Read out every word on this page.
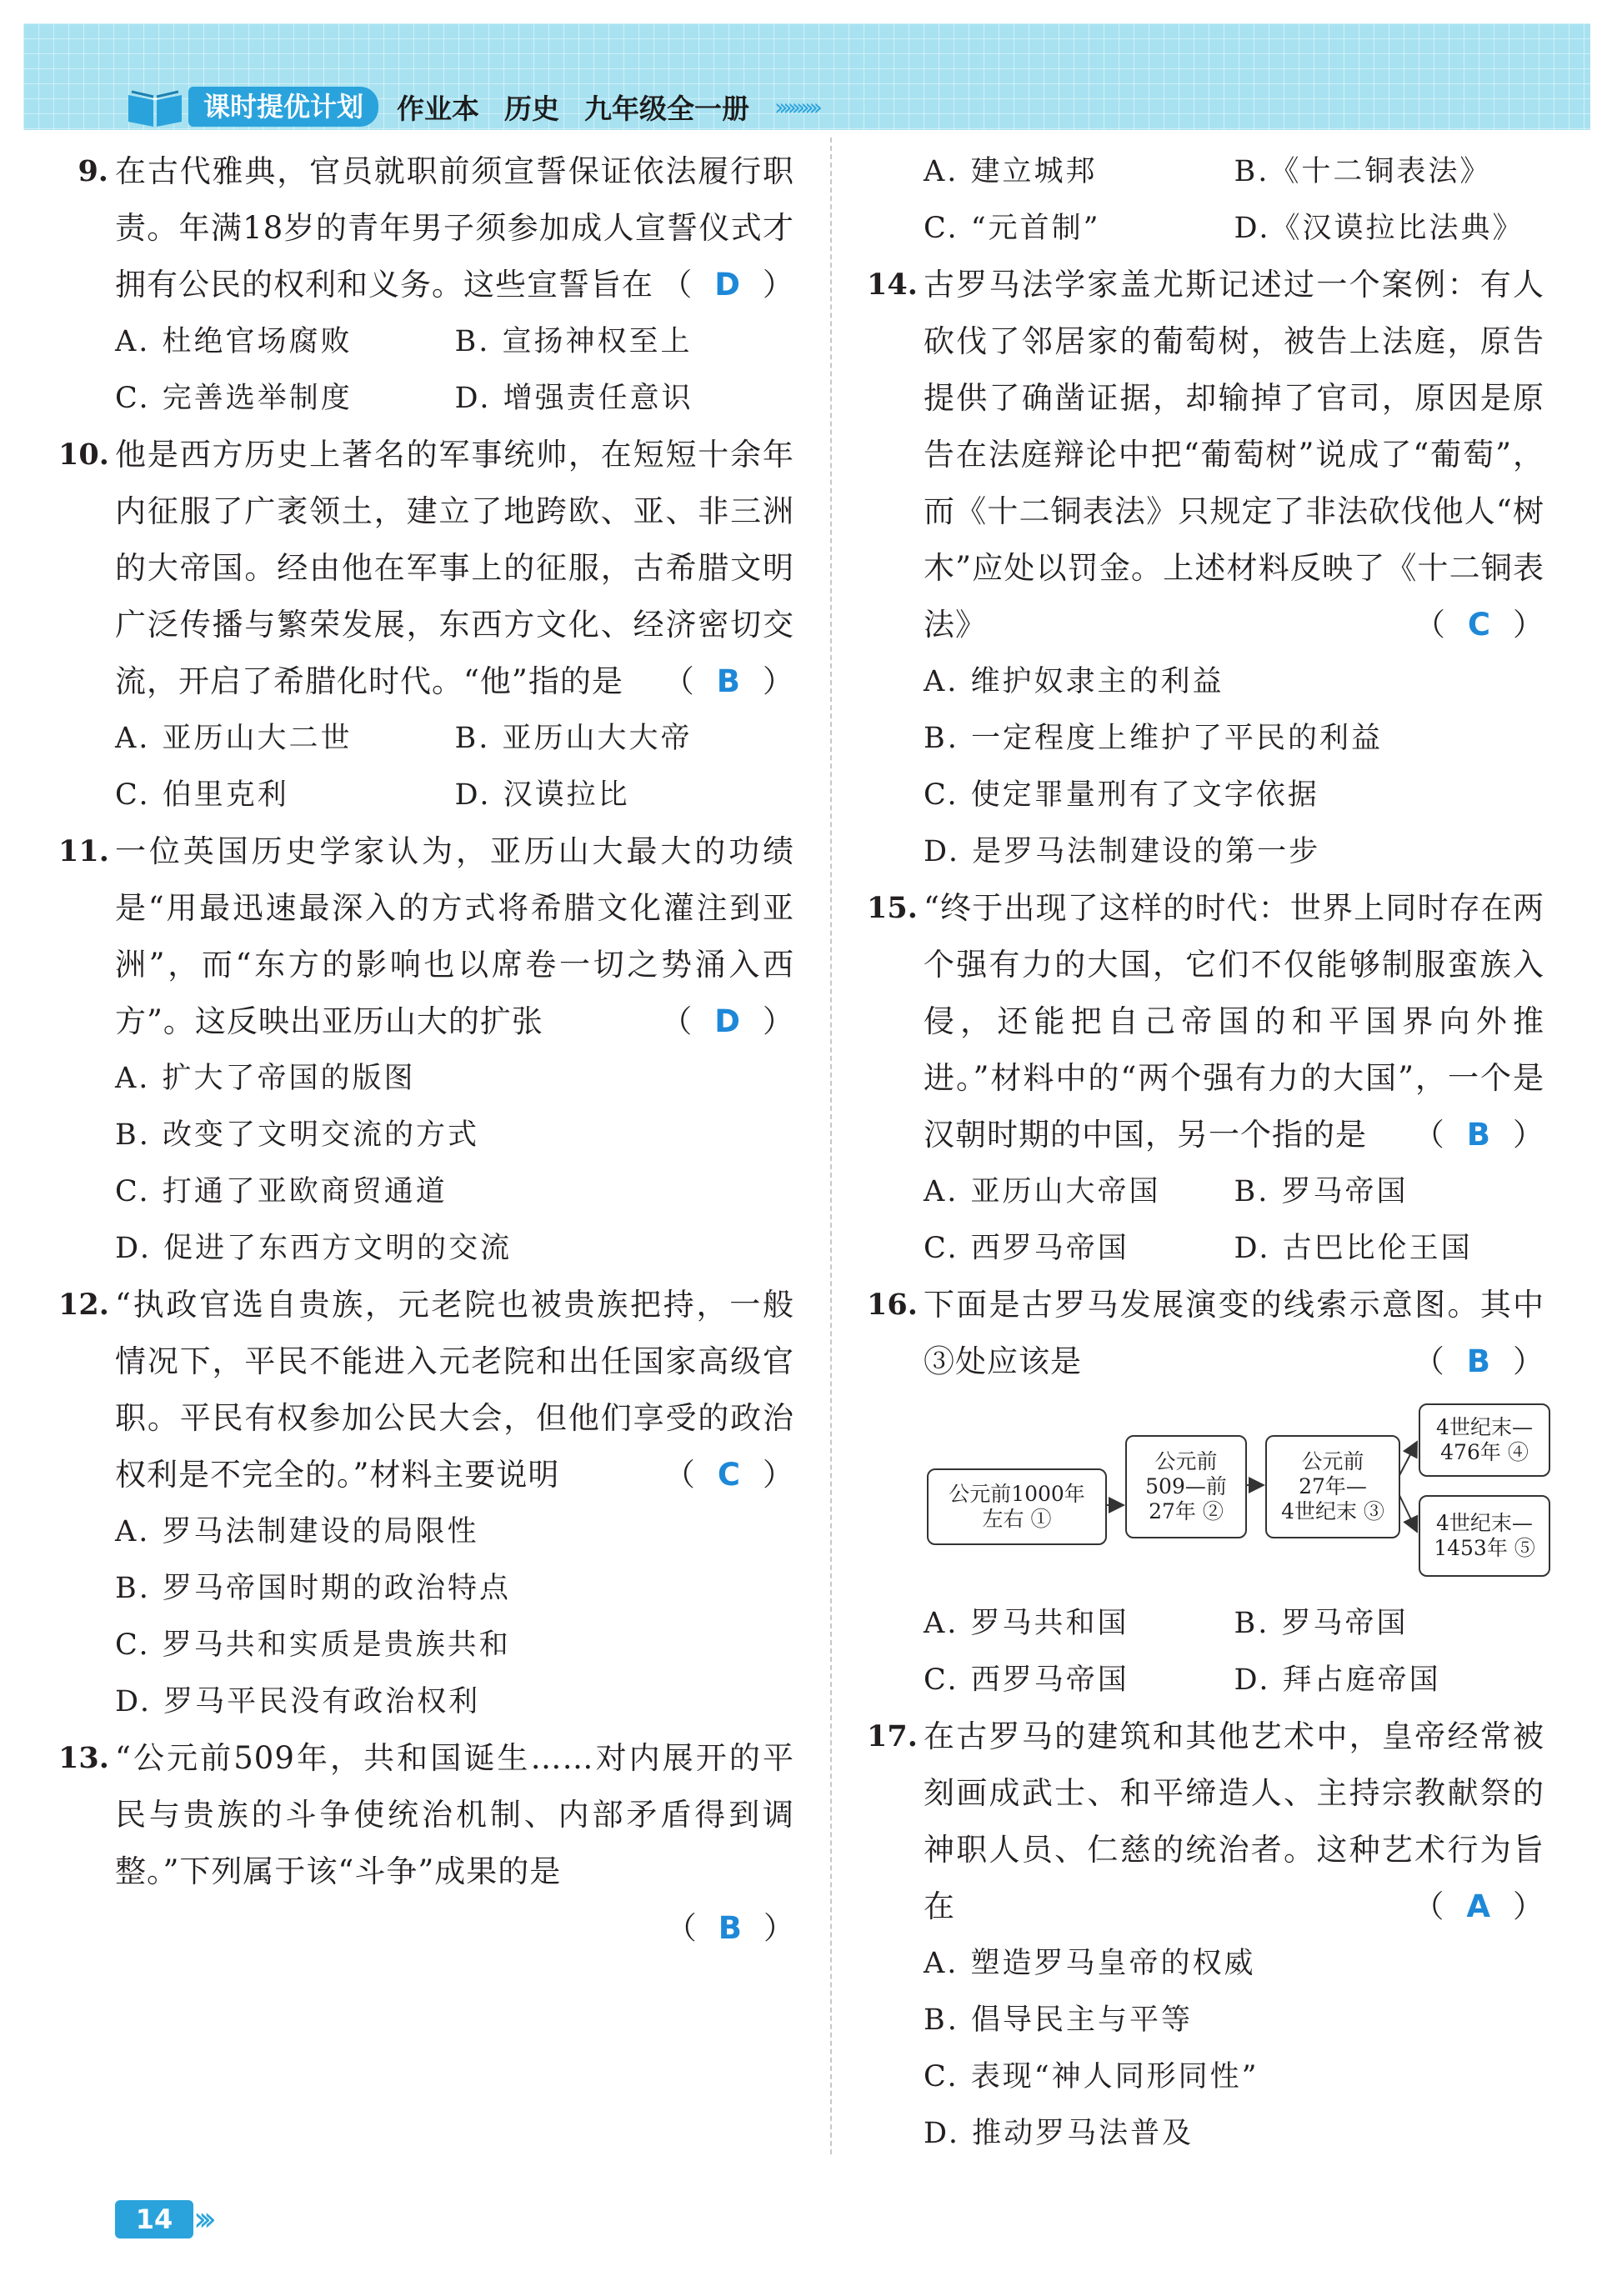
课时提优计划	作业本 历史 九年级全一册 ››››››››››
9. 在古代雅典，官员就职前须宣誓保证依法履行职责。年满18岁的青年男子须参加成人宣誓仪式才拥有公民的权利和义务。这些宣誓旨在 （ D ）
A. 杜绝官场腐败	B. 宣扬神权至上
C. 完善选举制度	D. 增强责任意识
10. 他是西方历史上著名的军事统帅，在短短十余年内征服了广袤领土，建立了地跨欧、亚、非三洲的大帝国。经由他在军事上的征服，古希腊文明广泛传播与繁荣发展，东西方文化、经济密切交流，开启了希腊化时代。“他”指的是 （ B ）
A. 亚历山大二世	B. 亚历山大大帝
C. 伯里克利	D. 汉谟拉比
11. 一位英国历史学家认为，亚历山大最大的功绩是“用最迅速最深入的方式将希腊文化灌注到亚洲”，而“东方的影响也以席卷一切之势涌入西方”。这反映出亚历山大的扩张	（ D ）
A. 扩大了帝国的版图
B. 改变了文明交流的方式
C. 打通了亚欧商贸通道
D. 促进了东西方文明的交流
12. “执政官选自贵族，元老院也被贵族把持，一般情况下，平民不能进入元老院和出任国家高级官职。平民有权参加公民大会，但他们享受的政治权利是不完全的。”材料主要说明	（ C ）
A. 罗马法制建设的局限性
B. 罗马帝国时期的政治特点
C. 罗马共和实质是贵族共和
D. 罗马平民没有政治权利
13. “公元前509年，共和国诞生……对内展开的平民与贵族的斗争使统治机制、内部矛盾得到调整。”下列属于该“斗争”成果的是
（ B ）
A. 建立城邦	B.《十二铜表法》
C. “元首制”	D.《汉谟拉比法典》
14. 古罗马法学家盖尤斯记述过一个案例：有人砍伐了邻居家的葡萄树，被告上法庭，原告提供了确凿证据，却输掉了官司，原因是原告在法庭辩论中把“葡萄树”说成了“葡萄”，而《十二铜表法》只规定了非法砍伐他人“树木”应处以罚金。上述材料反映了《十二铜表法》	（ C ）
A. 维护奴隶主的利益
B. 一定程度上维护了平民的利益
C. 使定罪量刑有了文字依据
D. 是罗马法制建设的第一步
15. “终于出现了这样的时代：世界上同时存在两个强有力的大国，它们不仅能够制服蛮族入侵，还能把自己帝国的和平国界向外推进。”材料中的“两个强有力的大国”，一个是汉朝时期的中国，另一个指的是 （ B ）
A. 亚历山大帝国	B. 罗马帝国
C. 西罗马帝国	D. 古巴比伦王国
16. 下面是古罗马发展演变的线索示意图。其中③处应该是	（ B ）
公元前1000年
左右 ①
公元前
509—前
27年 ②
公元前
27年—
4世纪末 ③
4世纪末—
476年 ④
4世纪末—
1453年 ⑤
A. 罗马共和国	B. 罗马帝国
C. 西罗马帝国	D. 拜占庭帝国
17. 在古罗马的建筑和其他艺术中，皇帝经常被刻画成武士、和平缔造人、主持宗教献祭的神职人员、仁慈的统治者。这种艺术行为旨在	（ A ）
A. 塑造罗马皇帝的权威
B. 倡导民主与平等
C. 表现“神人同形同性”
D. 推动罗马法普及
14 ›››
